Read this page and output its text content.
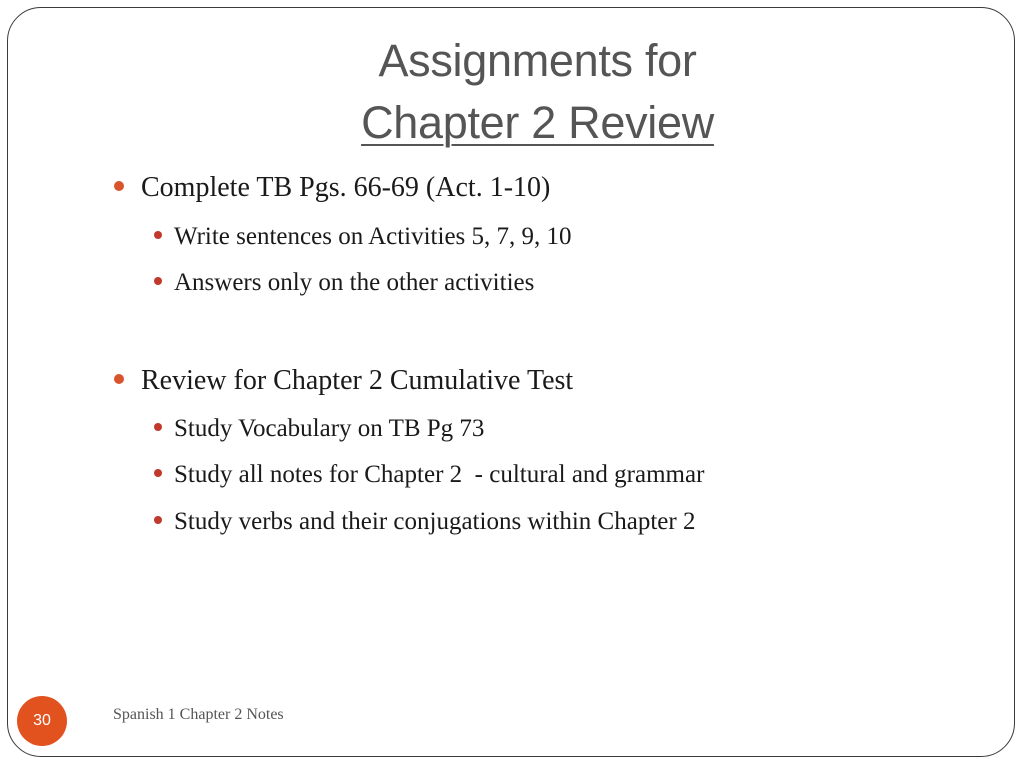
Assignments for
Chapter 2 Review
Complete TB Pgs. 66-69 (Act. 1-10)
Write sentences on Activities 5, 7, 9, 10
Answers only on the other activities
Review for Chapter 2 Cumulative Test
Study Vocabulary on TB Pg 73
Study all notes for Chapter 2  - cultural and grammar
Study verbs and their conjugations within Chapter 2
30	Spanish 1 Chapter 2 Notes
